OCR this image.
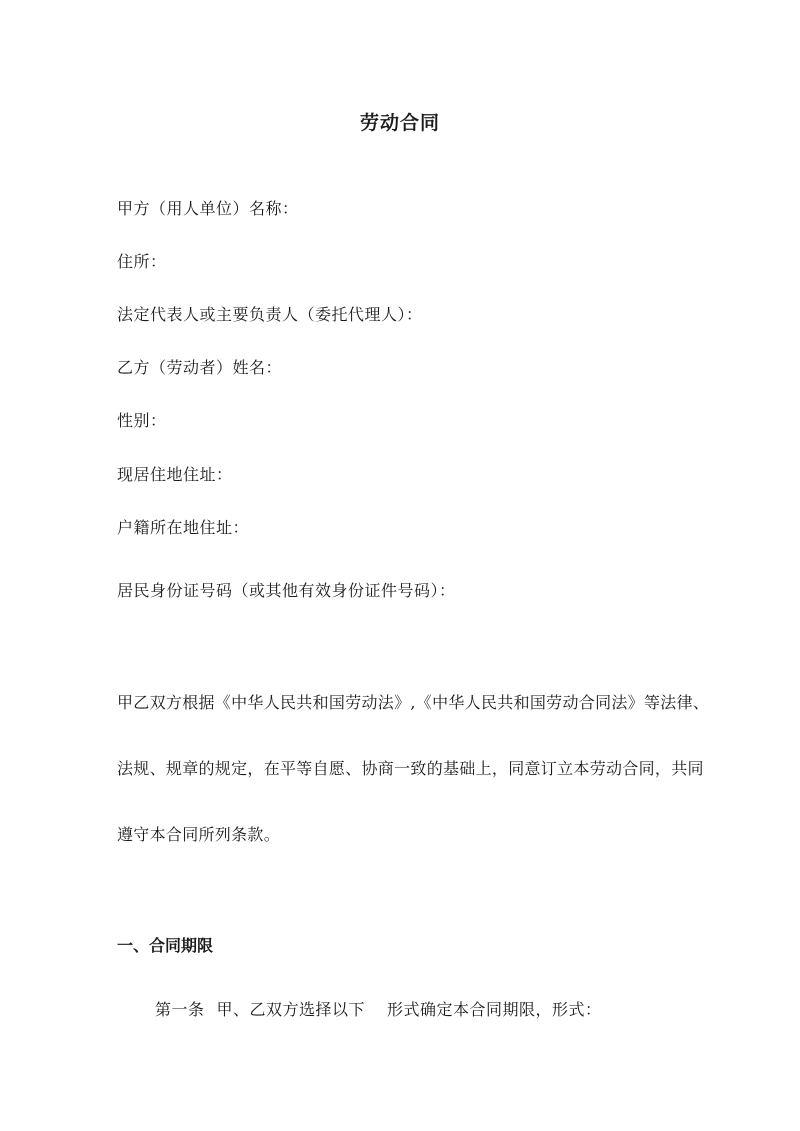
劳动合同
甲方（用人单位）名称：
住所：
法定代表人或主要负责人（委托代理人）：
乙方（劳动者）姓名：
性别：
现居住地住址：
户籍所在地住址：
居民身份证号码（或其他有效身份证件号码）：
甲乙双方根据《中华人民共和国劳动法》,《中华人民共和国劳动合同法》等法律、
法规、规章的规定，在平等自愿、协商一致的基础上，同意订立本劳动合同，共同
遵守本合同所列条款。
一、合同期限
第一条 甲、乙双方选择以下 形式确定本合同期限，形式：
